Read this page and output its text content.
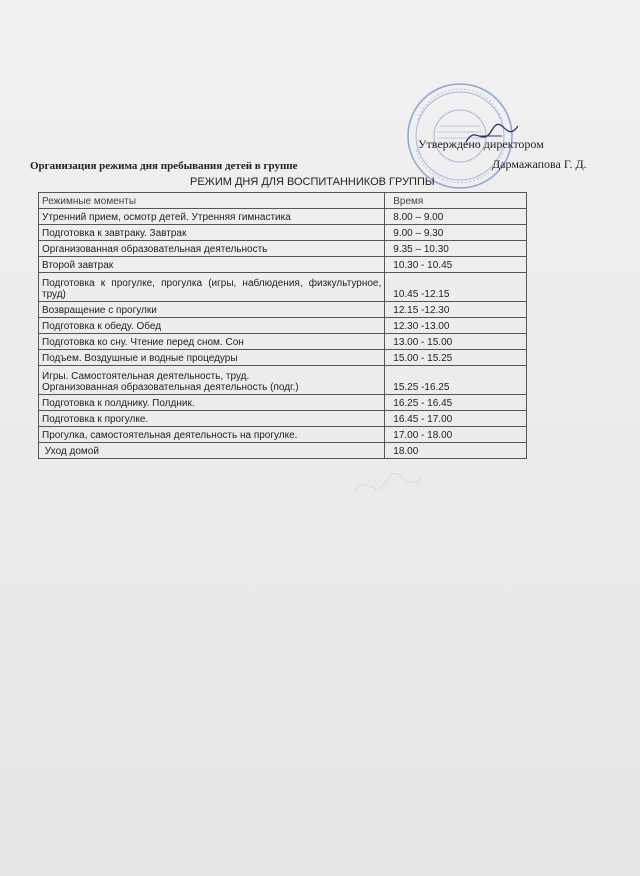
Утверждено директором
Дармажапова Г. Д.
Организация режима дня пребывания детей в группе
РЕЖИМ ДНЯ ДЛЯ ВОСПИТАННИКОВ ГРУППЫ
Режимные моменты	Время
Утренний прием, осмотр детей. Утренняя гимнастика	8.00 – 9.00
Подготовка к завтраку. Завтрак	9.00 – 9.30
Организованная образовательная деятельность	9.35 – 10.30
Второй завтрак	10.30 - 10.45
Подготовка к прогулке, прогулка (игры, наблюдения, физкультурное, труд)	10.45 -12.15
Возвращение с прогулки	12.15 -12.30
Подготовка к обеду. Обед	12.30 -13.00
Подготовка ко сну. Чтение перед сном. Сон	13.00 - 15.00
Подъем. Воздушные и водные процедуры	15.00 - 15.25

Игры. Самостоятельная деятельность, труд.
Организованная образовательная деятельность (подг.)	15.25 -16.25
Подготовка к полднику. Полдник.	16.25 - 16.45
Подготовка к прогулке.	16.45 - 17.00
Прогулка, самостоятельная деятельность на прогулке.	17.00 - 18.00
Уход домой	18.00
